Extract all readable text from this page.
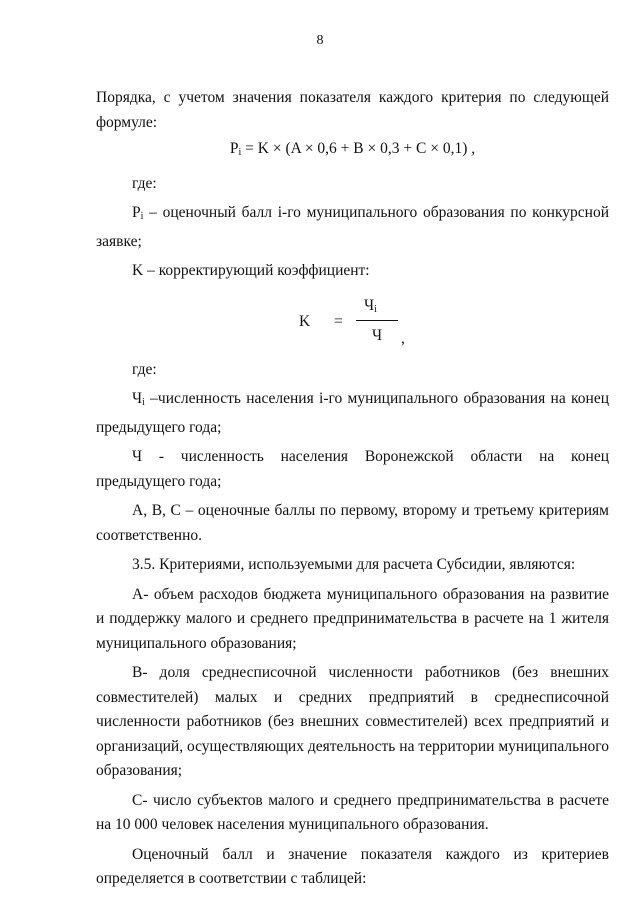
8

Порядка, с учетом значения показателя каждого критерия по следующей формуле:

$P_i = K \times (A \times 0,6 + B \times 0,3 + C \times 0,1)$ ,

где:

$P_i$ – оценочный балл i-го муниципального образования по конкурсной заявке;

K – корректирующий коэффициент:

K =
$Ч_i$
Ч ,

где:

$Ч_i$ –численность населения i-го муниципального образования на конец предыдущего года;

Ч - численность населения Воронежской области на конец предыдущего года;

A, B, C – оценочные баллы по первому, второму и третьему критериям соответственно.

3.5. Критериями, используемыми для расчета Субсидии, являются:

A- объем расходов бюджета муниципального образования на развитие и поддержку малого и среднего предпринимательства в расчете на 1 жителя муниципального образования;

B- доля среднесписочной численности работников (без внешних совместителей) малых и средних предприятий в среднесписочной численности работников (без внешних совместителей) всех предприятий и организаций, осуществляющих деятельность на территории муниципального образования;

C- число субъектов малого и среднего предпринимательства в расчете на 10 000 человек населения муниципального образования.

Оценочный балл и значение показателя каждого из критериев определяется в соответствии с таблицей:
